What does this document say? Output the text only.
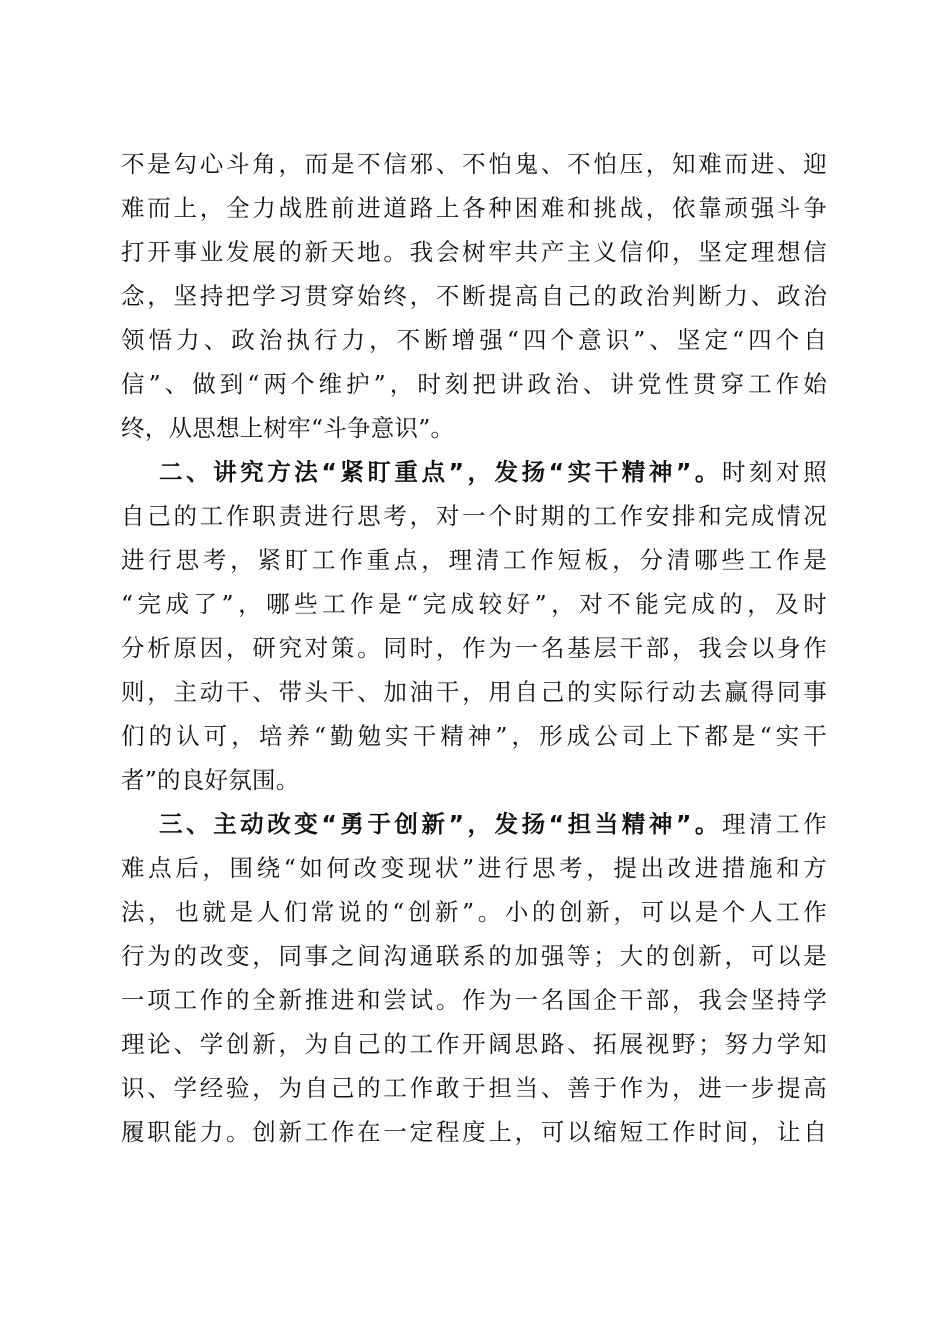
不是勾心斗角，而是不信邪、不怕鬼、不怕压，知难而进、迎
难而上，全力战胜前进道路上各种困难和挑战，依靠顽强斗争
打开事业发展的新天地。我会树牢共产主义信仰，坚定理想信
念，坚持把学习贯穿始终，不断提高自己的政治判断力、政治
领悟力、政治执行力，不断增强“四个意识”、坚定“四个自
信”、做到“两个维护”，时刻把讲政治、讲党性贯穿工作始
终，从思想上树牢“斗争意识”。
二、讲究方法“紧盯重点”，发扬“实干精神”。时刻对照
自己的工作职责进行思考，对一个时期的工作安排和完成情况
进行思考，紧盯工作重点，理清工作短板，分清哪些工作是
“完成了”，哪些工作是“完成较好”，对不能完成的，及时
分析原因，研究对策。同时，作为一名基层干部，我会以身作
则，主动干、带头干、加油干，用自己的实际行动去赢得同事
们的认可，培养“勤勉实干精神”，形成公司上下都是“实干
者”的良好氛围。
三、主动改变“勇于创新”，发扬“担当精神”。理清工作
难点后，围绕“如何改变现状”进行思考，提出改进措施和方
法，也就是人们常说的“创新”。小的创新，可以是个人工作
行为的改变，同事之间沟通联系的加强等；大的创新，可以是
一项工作的全新推进和尝试。作为一名国企干部，我会坚持学
理论、学创新，为自己的工作开阔思路、拓展视野；努力学知
识、学经验，为自己的工作敢于担当、善于作为，进一步提高
履职能力。创新工作在一定程度上，可以缩短工作时间，让自
